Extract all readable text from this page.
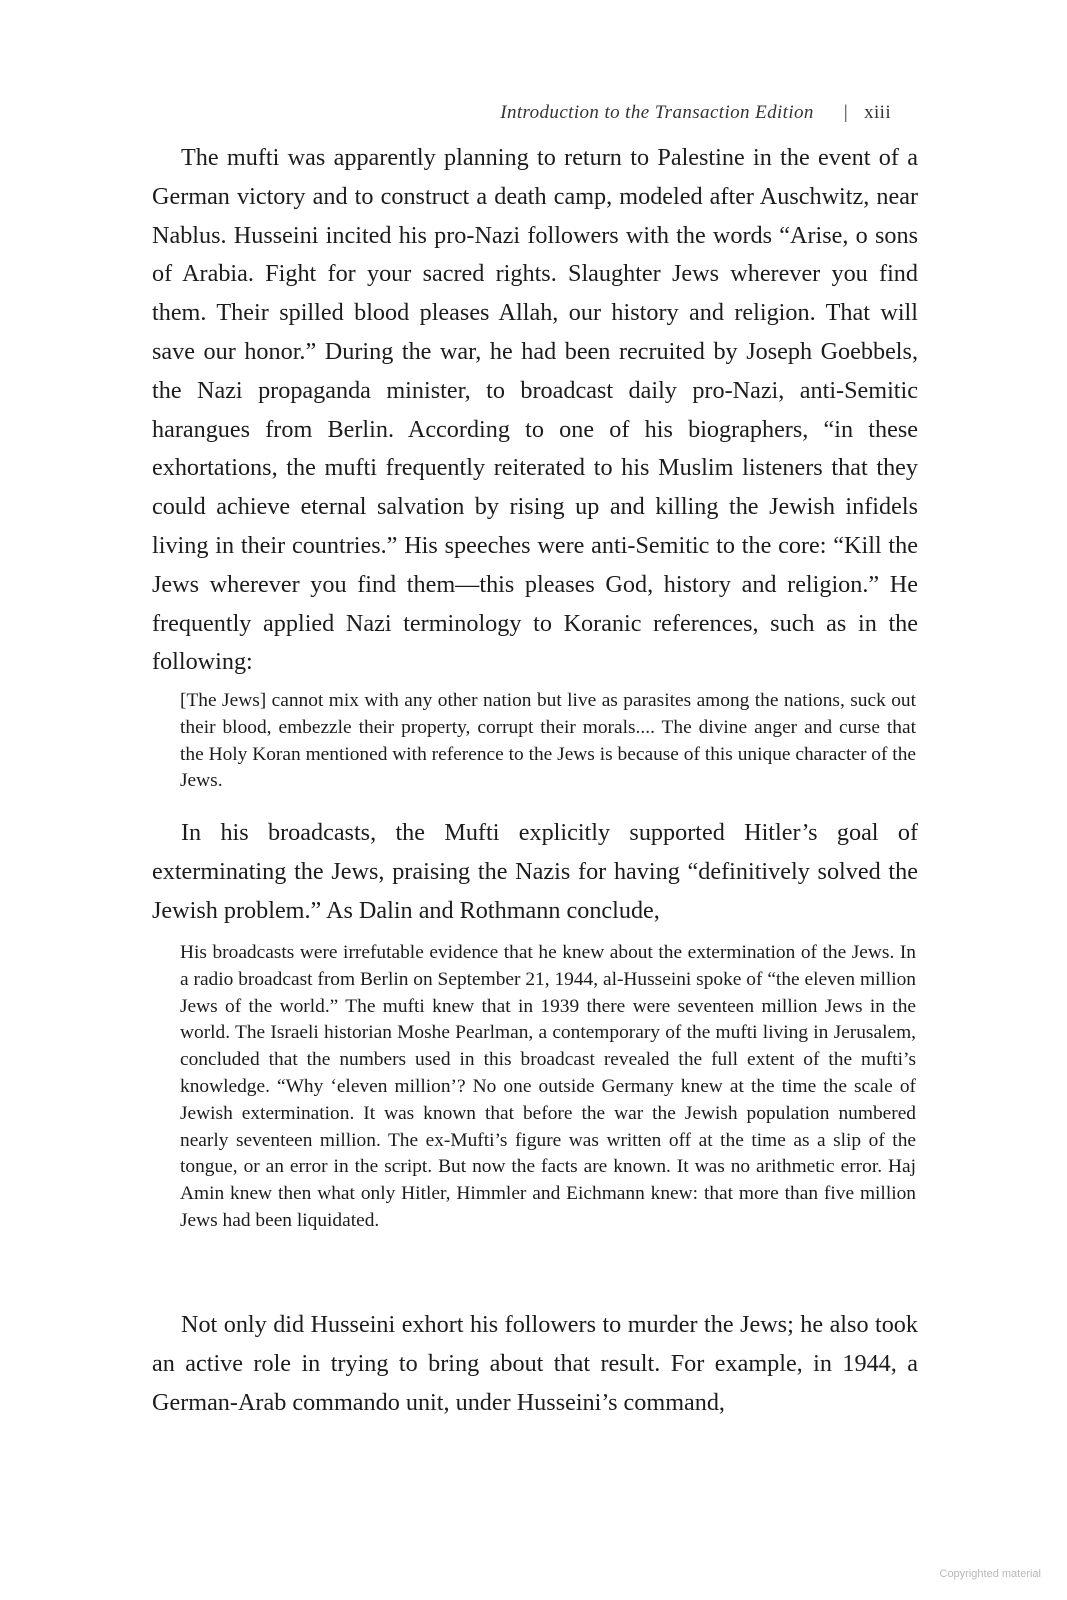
Introduction to the Transaction Edition | xiii

The mufti was apparently planning to return to Palestine in the event of a German victory and to construct a death camp, modeled after Auschwitz, near Nablus. Husseini incited his pro-Nazi followers with the words “Arise, o sons of Arabia. Fight for your sacred rights. Slaughter Jews wherever you find them. Their spilled blood pleases Allah, our history and religion. That will save our honor.” During the war, he had been recruited by Joseph Goebbels, the Nazi propaganda minister, to broadcast daily pro-Nazi, anti-Semitic harangues from Berlin. According to one of his biographers, “in these exhortations, the mufti frequently reiterated to his Muslim listeners that they could achieve eternal salvation by rising up and killing the Jewish infidels living in their countries.” His speeches were anti-Semitic to the core: “Kill the Jews wherever you find them—this pleases God, history and religion.” He frequently applied Nazi terminology to Koranic references, such as in the following:

[The Jews] cannot mix with any other nation but live as parasites among the nations, suck out their blood, embezzle their property, corrupt their morals.... The divine anger and curse that the Holy Koran mentioned with reference to the Jews is because of this unique character of the Jews.

In his broadcasts, the Mufti explicitly supported Hitler’s goal of exterminating the Jews, praising the Nazis for having “definitively solved the Jewish problem.” As Dalin and Rothmann conclude,

His broadcasts were irrefutable evidence that he knew about the extermination of the Jews. In a radio broadcast from Berlin on September 21, 1944, al-Husseini spoke of “the eleven million Jews of the world.” The mufti knew that in 1939 there were seventeen million Jews in the world. The Israeli historian Moshe Pearlman, a contemporary of the mufti living in Jerusalem, concluded that the numbers used in this broadcast revealed the full extent of the mufti’s knowledge. “Why ‘eleven million’? No one outside Germany knew at the time the scale of Jewish extermination. It was known that before the war the Jewish population numbered nearly seventeen million. The ex-Mufti’s figure was written off at the time as a slip of the tongue, or an error in the script. But now the facts are known. It was no arithmetic error. Haj Amin knew then what only Hitler, Himmler and Eichmann knew: that more than five million Jews had been liquidated.

Not only did Husseini exhort his followers to murder the Jews; he also took an active role in trying to bring about that result. For example, in 1944, a German-Arab commando unit, under Husseini’s command,

Copyrighted material
